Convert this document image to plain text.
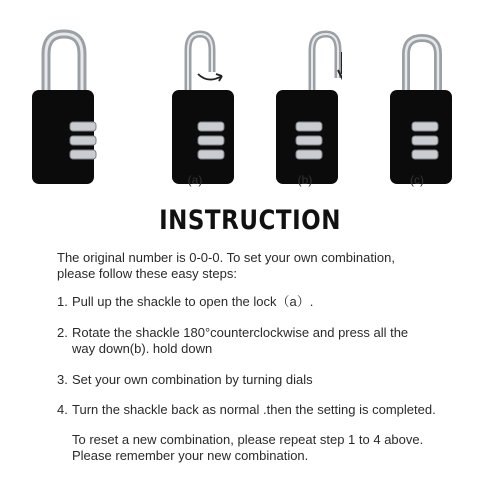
(a)	(b)	(c)
INSTRUCTION
The original number is 0-0-0. To set your own combination,
please follow these easy steps:
1. Pull up the shackle to open the lock（a）.
2. Rotate the shackle 180°counterclockwise and press all the
way down(b). hold down
3. Set your own combination by turning dials
4. Turn the shackle back as normal .then the setting is completed.
To reset a new combination, please repeat step 1 to 4 above.
Please remember your new combination.
